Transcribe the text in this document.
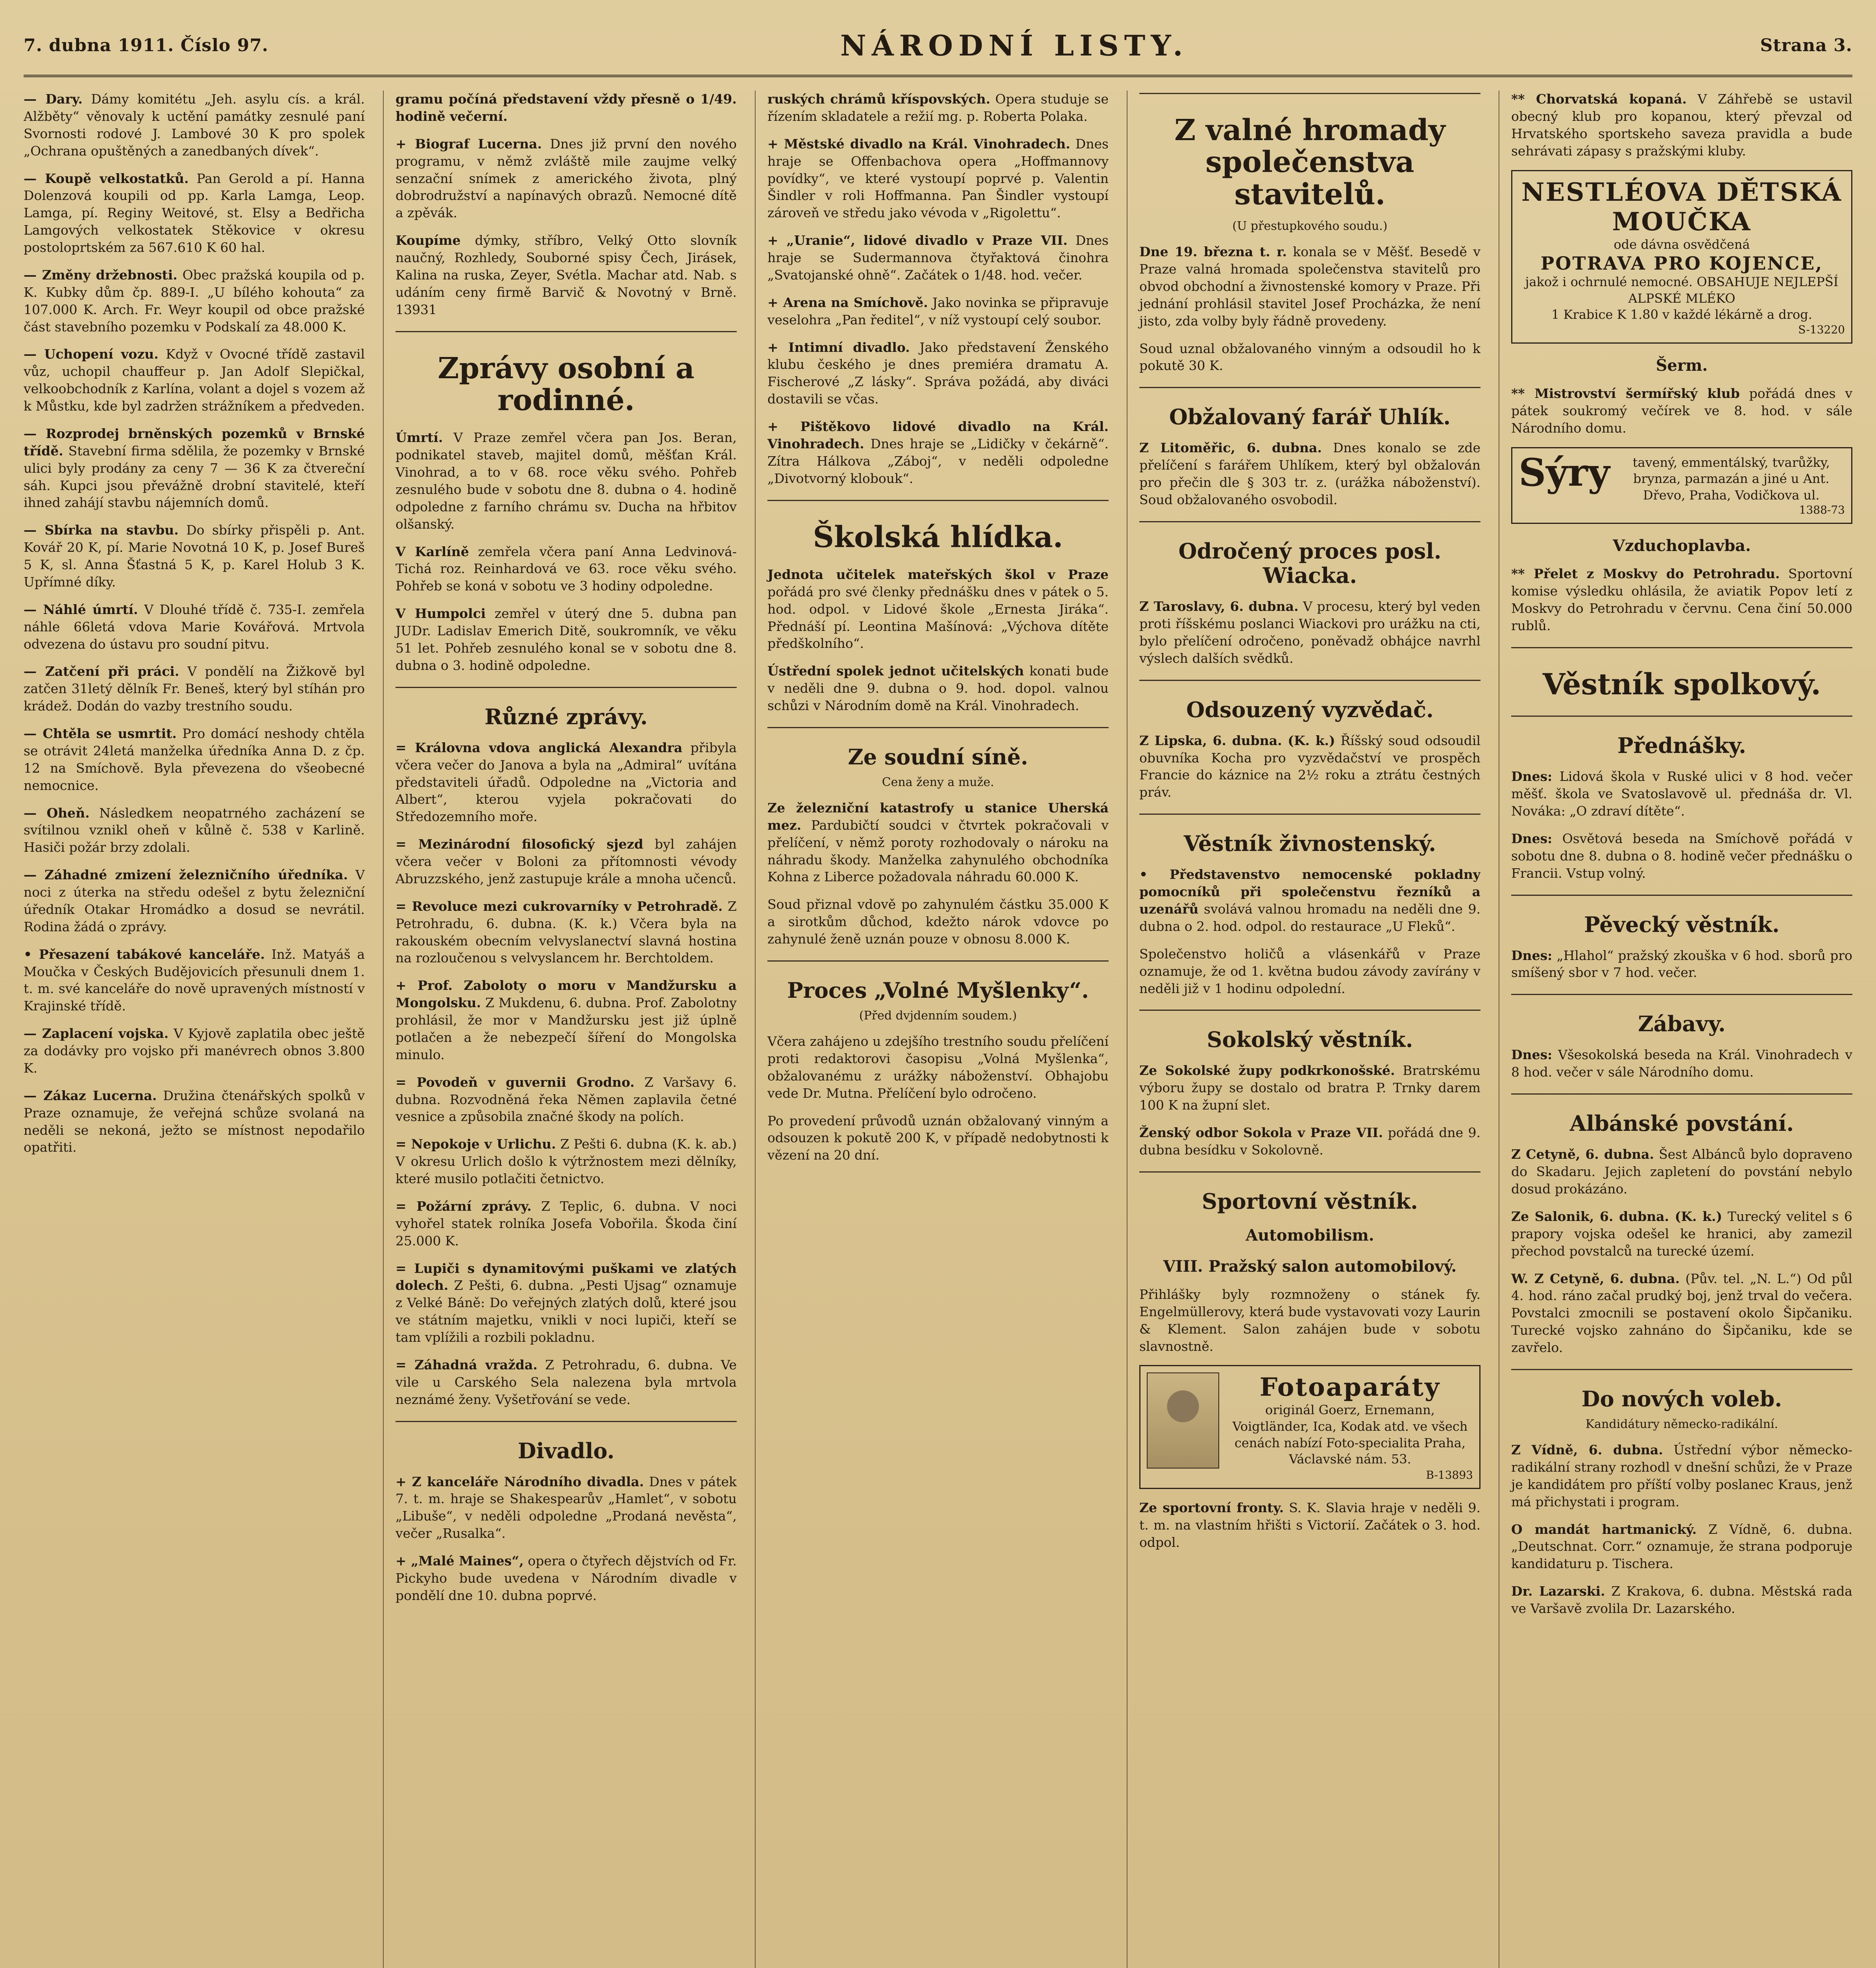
7. dubna 1911. Číslo 97.	NÁRODNÍ LISTY.	Strana 3.

— Dary. Dámy komitétu „Jeh. asylu cís. a král. Alžběty“ věnovaly k uctění památky zesnulé paní Svornosti rodové J. Lambové 30 K pro spolek „Ochrana opuštěných a zanedbaných dívek“.

— Koupě velkostatků. Pan Gerold a pí. Hanna Dolenzová koupili od pp. Karla Lamga, Leop. Lamga, pí. Reginy Weitové, st. Elsy a Bedřicha Lamgových velkostatek Stěkovice v okresu postoloprtském za 567.610 K 60 hal.

— Změny držebnosti. Obec pražská koupila od p. K. Kubky dům čp. 889-I. „U bílého kohouta“ za 107.000 K. Arch. Fr. Weyr koupil od obce pražské část stavebního pozemku v Podskalí za 48.000 K.

— Uchopení vozu. Když v Ovocné třídě zastavil vůz, uchopil chauffeur p. Jan Adolf Slepičkal, velkoobchodník z Karlína, volant a dojel s vozem až k Můstku, kde byl zadržen strážníkem a předveden.

— Rozprodej brněnských pozemků v Brnské třídě. Stavební firma sdělila, že pozemky v Brnské ulici byly prodány za ceny 7 — 36 K za čtvereční sáh. Kupci jsou převážně drobní stavitelé, kteří ihned zahájí stavbu nájemních domů.

— Sbírka na stavbu. Do sbírky přispěli p. Ant. Kovář 20 K, pí. Marie Novotná 10 K, p. Josef Bureš 5 K, sl. Anna Šťastná 5 K, p. Karel Holub 3 K. Upřímné díky.

— Náhlé úmrtí. V Dlouhé třídě č. 735-I. zemřela náhle 66letá vdova Marie Kovářová. Mrtvola odvezena do ústavu pro soudní pitvu.

— Zatčení při práci. V pondělí na Žižkově byl zatčen 31letý dělník Fr. Beneš, který byl stíhán pro krádež. Dodán do vazby trestního soudu.

— Chtěla se usmrtit. Pro domácí neshody chtěla se otrávit 24letá manželka úředníka Anna D. z čp. 12 na Smíchově. Byla převezena do všeobecné nemocnice.

— Oheň. Následkem neopatrného zacházení se svítilnou vznikl oheň v kůlně č. 538 v Karlině. Hasiči požár brzy zdolali.

— Záhadné zmizení železničního úředníka. V noci z úterka na středu odešel z bytu železniční úředník Otakar Hromádko a dosud se nevrátil. Rodina žádá o zprávy.

• Přesazení tabákové kanceláře. Inž. Matyáš a Moučka v Českých Budějovicích přesunuli dnem 1. t. m. své kanceláře do nově upravených místností v Krajinské třídě.

— Zaplacení vojska. V Kyjově zaplatila obec ještě za dodávky pro vojsko při manévrech obnos 3.800 K.

— Zákaz Lucerna. Družina čtenářských spolků v Praze oznamuje, že veřejná schůze svolaná na neděli se nekoná, ježto se místnost nepodařilo opatřiti.

gramu počíná představení vždy přesně o 1/49. hodině večerní.

+ Biograf Lucerna. Dnes již první den nového programu, v němž zvláště mile zaujme velký senzační snímek z amerického života, plný dobrodružství a napínavých obrazů. Nemocné dítě a zpěvák.

Koupíme dýmky, stříbro, Velký Otto slovník naučný, Rozhledy, Souborné spisy Čech, Jirásek, Kalina na ruska, Zeyer, Svétla. Machar atd. Nab. s udáním ceny firmě Barvič & Novotný v Brně. 13931

Zprávy osobní a rodinné.

Úmrtí. V Praze zemřel včera pan Jos. Beran, podnikatel staveb, majitel domů, měšťan Král. Vinohrad, a to v 68. roce věku svého. Pohřeb zesnulého bude v sobotu dne 8. dubna o 4. hodině odpoledne z farního chrámu sv. Ducha na hřbitov olšanský.

V Karlíně zemřela včera paní Anna Ledvinová-Tichá roz. Reinhardová ve 63. roce věku svého. Pohřeb se koná v sobotu ve 3 hodiny odpoledne.

V Humpolci zemřel v úterý dne 5. dubna pan JUDr. Ladislav Emerich Ditě, soukromník, ve věku 51 let. Pohřeb zesnulého konal se v sobotu dne 8. dubna o 3. hodině odpoledne.

Různé zprávy.

= Královna vdova anglická Alexandra přibyla včera večer do Janova a byla na „Admiral“ uvítána představiteli úřadů. Odpoledne na „Victoria and Albert“, kterou vyjela pokračovati do Středozemního moře.

= Mezinárodní filosofický sjezd byl zahájen včera večer v Boloni za přítomnosti vévody Abruzzského, jenž zastupuje krále a mnoha učenců.

= Revoluce mezi cukrovarníky v Petrohradě. Z Petrohradu, 6. dubna. (K. k.) Včera byla na rakouském obecním velvyslanectví slavná hostina na rozloučenou s velvyslancem hr. Berchtoldem.

+ Prof. Zaboloty o moru v Mandžursku a Mongolsku. Z Mukdenu, 6. dubna. Prof. Zabolotny prohlásil, že mor v Mandžursku jest již úplně potlačen a že nebezpečí šíření do Mongolska minulo.

= Povodeň v guvernii Grodno. Z Varšavy 6. dubna. Rozvodněná řeka Němen zaplavila četné vesnice a způsobila značné škody na polích.

= Nepokoje v Urlichu. Z Pešti 6. dubna (K. k. ab.) V okresu Urlich došlo k výtržnostem mezi dělníky, které musilo potlačiti četnictvo.

= Požární zprávy. Z Teplic, 6. dubna. V noci vyhořel statek rolníka Josefa Vobořila. Škoda činí 25.000 K.

= Lupiči s dynamitovými puškami ve zlatých dolech. Z Pešti, 6. dubna. „Pesti Ujsag“ oznamuje z Velké Báně: Do veřejných zlatých dolů, které jsou ve státním majetku, vnikli v noci lupiči, kteří se tam vplížili a rozbili pokladnu.

= Záhadná vražda. Z Petrohradu, 6. dubna. Ve vile u Carského Sela nalezena byla mrtvola neznámé ženy. Vyšetřování se vede.

Divadlo.

+ Z kanceláře Národního divadla. Dnes v pátek 7. t. m. hraje se Shakespearův „Hamlet“, v sobotu „Libuše“, v neděli odpoledne „Prodaná nevěsta“, večer „Rusalka“.

+ „Malé Maines“, opera o čtyřech dějstvích od Fr. Pickyho bude uvedena v Národním divadle v pondělí dne 10. dubna poprvé.

ruských chrámů kříspovských. Opera studuje se řízením skladatele a režií mg. p. Roberta Polaka.

+ Městské divadlo na Král. Vinohradech. Dnes hraje se Offenbachova opera „Hoffmannovy povídky“, ve které vystoupí poprvé p. Valentin Šindler v roli Hoffmanna. Pan Šindler vystoupí zároveň ve středu jako vévoda v „Rigolettu“.

+ „Uranie“, lidové divadlo v Praze VII. Dnes hraje se Sudermannova čtyřaktová činohra „Svatojanské ohně“. Začátek o 1/48. hod. večer.

+ Arena na Smíchově. Jako novinka se připravuje veselohra „Pan ředitel“, v níž vystoupí celý soubor.

+ Intimní divadlo. Jako představení Ženského klubu českého je dnes premiéra dramatu A. Fischerové „Z lásky“. Správa požádá, aby diváci dostavili se včas.

+ Pištěkovo lidové divadlo na Král. Vinohradech. Dnes hraje se „Lidičky v čekárně“. Zítra Hálkova „Záboj“, v neděli odpoledne „Divotvorný klobouk“.

Školská hlídka.

Jednota učitelek mateřských škol v Praze pořádá pro své členky přednášku dnes v pátek o 5. hod. odpol. v Lidové škole „Ernesta Jiráka“. Přednáší pí. Leontina Mašínová: „Výchova dítěte předškolního“.

Ústřední spolek jednot učitelských konati bude v neděli dne 9. dubna o 9. hod. dopol. valnou schůzi v Národním domě na Král. Vinohradech.

Ze soudní síně.
Cena ženy a muže.

Ze železniční katastrofy u stanice Uherská mez. Pardubičtí soudci v čtvrtek pokračovali v přelíčení, v němž poroty rozhodovaly o nároku na náhradu škody. Manželka zahynulého obchodníka Kohna z Liberce požadovala náhradu 60.000 K.

Soud přiznal vdově po zahynulém částku 35.000 K a sirotkům důchod, kdežto nárok vdovce po zahynulé ženě uznán pouze v obnosu 8.000 K.

Proces „Volné Myšlenky“.
(Před dvjdenním soudem.)

Včera zahájeno u zdejšího trestního soudu přelíčení proti redaktorovi časopisu „Volná Myšlenka“, obžalovanému z urážky náboženství. Obhajobu vede Dr. Mutna. Přelíčení bylo odročeno.

Po provedení průvodů uznán obžalovaný vinným a odsouzen k pokutě 200 K, v případě nedobytnosti k vězení na 20 dní.

Z valné hromady společenstva stavitelů.
(U přestupkového soudu.)

Dne 19. března t. r. konala se v Měšť. Besedě v Praze valná hromada společenstva stavitelů pro obvod obchodní a živnostenské komory v Praze. Při jednání prohlásil stavitel Josef Procházka, že není jisto, zda volby byly řádně provedeny.

Soud uznal obžalovaného vinným a odsoudil ho k pokutě 30 K.

Obžalovaný farář Uhlík.

Z Litoměřic, 6. dubna. Dnes konalo se zde přelíčení s farářem Uhlíkem, který byl obžalován pro přečin dle § 303 tr. z. (urážka náboženství). Soud obžalovaného osvobodil.

Odročený proces posl. Wiacka.

Z Taroslavy, 6. dubna. V procesu, který byl veden proti říšskému poslanci Wiackovi pro urážku na cti, bylo přelíčení odročeno, poněvadž obhájce navrhl výslech dalších svědků.

Odsouzený vyzvědač.

Z Lipska, 6. dubna. (K. k.) Říšský soud odsoudil obuvníka Kocha pro vyzvědačství ve prospěch Francie do káznice na 2½ roku a ztrátu čestných práv.

Věstník živnostenský.

• Představenstvo nemocenské pokladny pomocníků při společenstvu řezníků a uzenářů svolává valnou hromadu na neděli dne 9. dubna o 2. hod. odpol. do restaurace „U Fleků“.

Společenstvo holičů a vlásenkářů v Praze oznamuje, že od 1. května budou závody zavírány v neděli již v 1 hodinu odpolední.

Sokolský věstník.

Ze Sokolské župy podkrkonošské. Bratrskému výboru župy se dostalo od bratra P. Trnky darem 100 K na župní slet.

Ženský odbor Sokola v Praze VII. pořádá dne 9. dubna besídku v Sokolovně.

Sportovní věstník.
Automobilism.
VIII. Pražský salon automobilový.

Přihlášky byly rozmnoženy o stánek fy. Engelmüllerovy, která bude vystavovati vozy Laurin & Klement. Salon zahájen bude v sobotu slavnostně.

Fotoaparáty
originál Goerz, Ernemann, Voigtländer, Ica, Kodak atd. ve všech cenách nabízí Foto-specialita Praha, Václavské nám. 53.
B-13893

Ze sportovní fronty. S. K. Slavia hraje v neděli 9. t. m. na vlastním hřišti s Victorií. Začátek o 3. hod. odpol.

** Chorvatská kopaná. V Záhřebě se ustavil obecný klub pro kopanou, který převzal od Hrvatského sportskeho saveza pravidla a bude sehrávati zápasy s pražskými kluby.

NESTLÉOVA DĚTSKÁ MOUČKA
ode dávna osvědčená
POTRAVA PRO KOJENCE,
jakož i ochrnulé nemocné. OBSAHUJE NEJLEPŠÍ ALPSKÉ MLÉKO
1 Krabice K 1.80 v každé lékárně a drog.
S-13220
Šerm.

** Mistrovství šermířský klub pořádá dnes v pátek soukromý večírek ve 8. hod. v sále Národního domu.

Sýry	tavený, emmentálský, tvarůžky, brynza, parmazán a jiné u Ant. Dřevo, Praha, Vodičkova ul.
1388-73
Vzduchoplavba.

** Přelet z Moskvy do Petrohradu. Sportovní komise výsledku ohlásila, že aviatik Popov letí z Moskvy do Petrohradu v červnu. Cena činí 50.000 rublů.

Věstník spolkový.
Přednášky.

Dnes: Lidová škola v Ruské ulici v 8 hod. večer měšť. škola ve Svatoslavově ul. přednáša dr. Vl. Nováka: „O zdraví dítěte“.

Dnes: Osvětová beseda na Smíchově pořádá v sobotu dne 8. dubna o 8. hodině večer přednášku o Francii. Vstup volný.

Pěvecký věstník.

Dnes: „Hlahol“ pražský zkouška v 6 hod. sborů pro smíšený sbor v 7 hod. večer.

Zábavy.

Dnes: Všesokolská beseda na Král. Vinohradech v 8 hod. večer v sále Národního domu.

Albánské povstání.

Z Cetyně, 6. dubna. Šest Albánců bylo dopraveno do Skadaru. Jejich zapletení do povstání nebylo dosud prokázáno.

Ze Salonik, 6. dubna. (K. k.) Turecký velitel s 6 prapory vojska odešel ke hranici, aby zamezil přechod povstalců na turecké území.

W. Z Cetyně, 6. dubna. (Pův. tel. „N. L.“) Od půl 4. hod. ráno začal prudký boj, jenž trval do večera. Povstalci zmocnili se postavení okolo Šipčaniku. Turecké vojsko zahnáno do Šipčaniku, kde se zavřelo.

Do nových voleb.
Kandidátury německo-radikální.

Z Vídně, 6. dubna. Ústřední výbor německo-radikální strany rozhodl v dnešní schůzi, že v Praze je kandidátem pro příští volby poslanec Kraus, jenž má přichystati i program.

O mandát hartmanický. Z Vídně, 6. dubna. „Deutschnat. Corr.“ oznamuje, že strana podporuje kandidaturu p. Tischera.

Dr. Lazarski. Z Krakova, 6. dubna. Městská rada ve Varšavě zvolila Dr. Lazarského.
